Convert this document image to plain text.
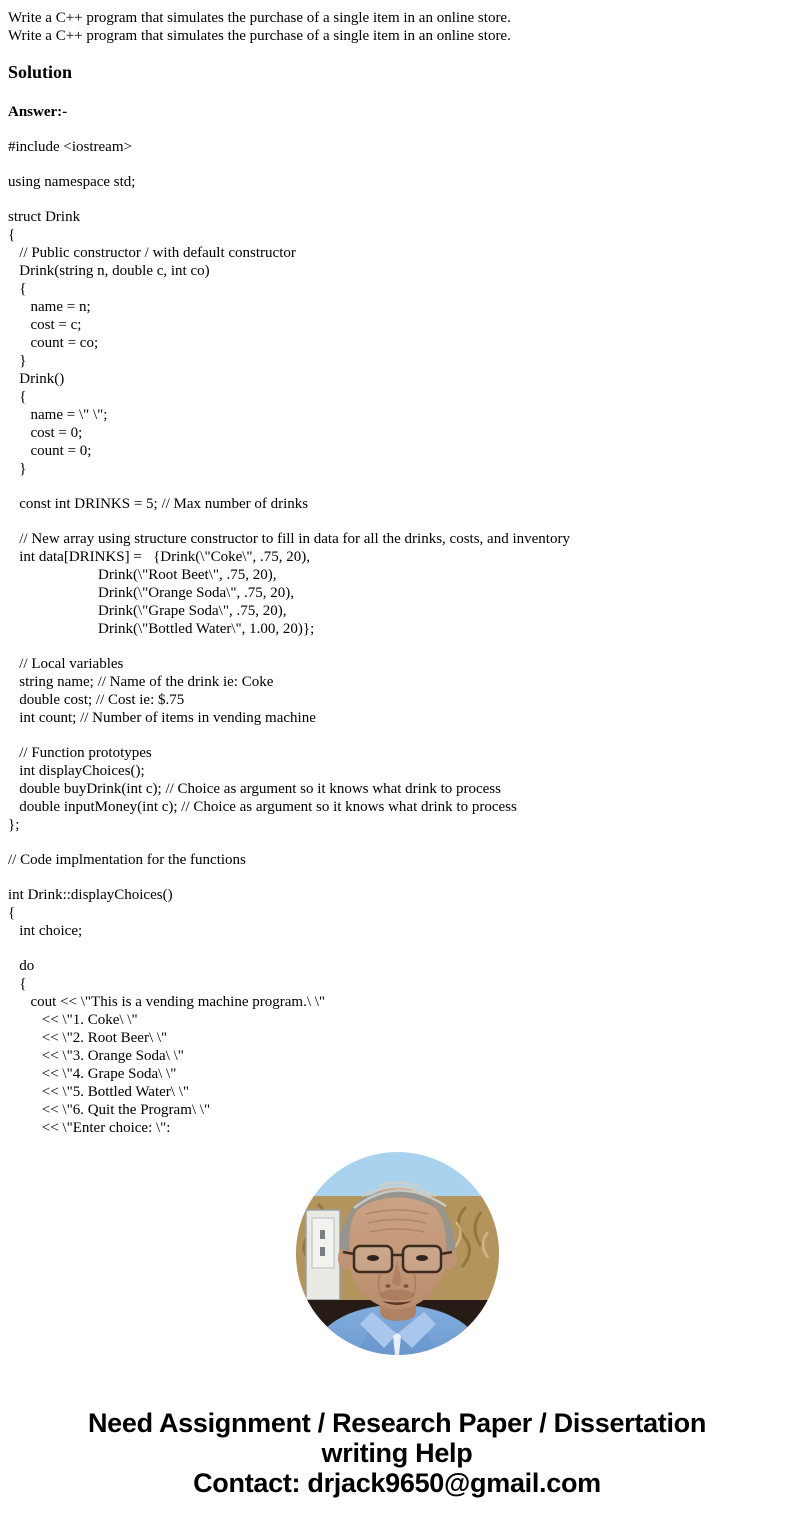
Write a C++ program that simulates the purchase of a single item in an online store.
Write a C++ program that simulates the purchase of a single item in an online store.
Solution
Answer:-
#include <iostream>
using namespace std;
struct Drink
{
// Public constructor / with default constructor
Drink(string n, double c, int co)
{
name = n;
cost = c;
count = co;
}
Drink()
{
name = \" \";
cost = 0;
count = 0;
}
const int DRINKS = 5; // Max number of drinks
// New array using structure constructor to fill in data for all the drinks, costs, and inventory
int data[DRINKS] =   {Drink(\"Coke\", .75, 20),
Drink(\"Root Beet\", .75, 20),
Drink(\"Orange Soda\", .75, 20),
Drink(\"Grape Soda\", .75, 20),
Drink(\"Bottled Water\", 1.00, 20)};
// Local variables
string name; // Name of the drink ie: Coke
double cost; // Cost ie: $.75
int count; // Number of items in vending machine
// Function prototypes
int displayChoices();
double buyDrink(int c); // Choice as argument so it knows what drink to process
double inputMoney(int c); // Choice as argument so it knows what drink to process
};
// Code implmentation for the functions
int Drink::displayChoices()
{
int choice;
do
{
cout << \"This is a vending machine program.\ \"
<< \"1. Coke\ \"
<< \"2. Root Beer\ \"
<< \"3. Orange Soda\ \"
<< \"4. Grape Soda\ \"
<< \"5. Bottled Water\ \"
<< \"6. Quit the Program\ \"
<< \"Enter choice: \":
Need Assignment / Research Paper / Dissertation
writing Help
Contact: drjack9650@gmail.com
